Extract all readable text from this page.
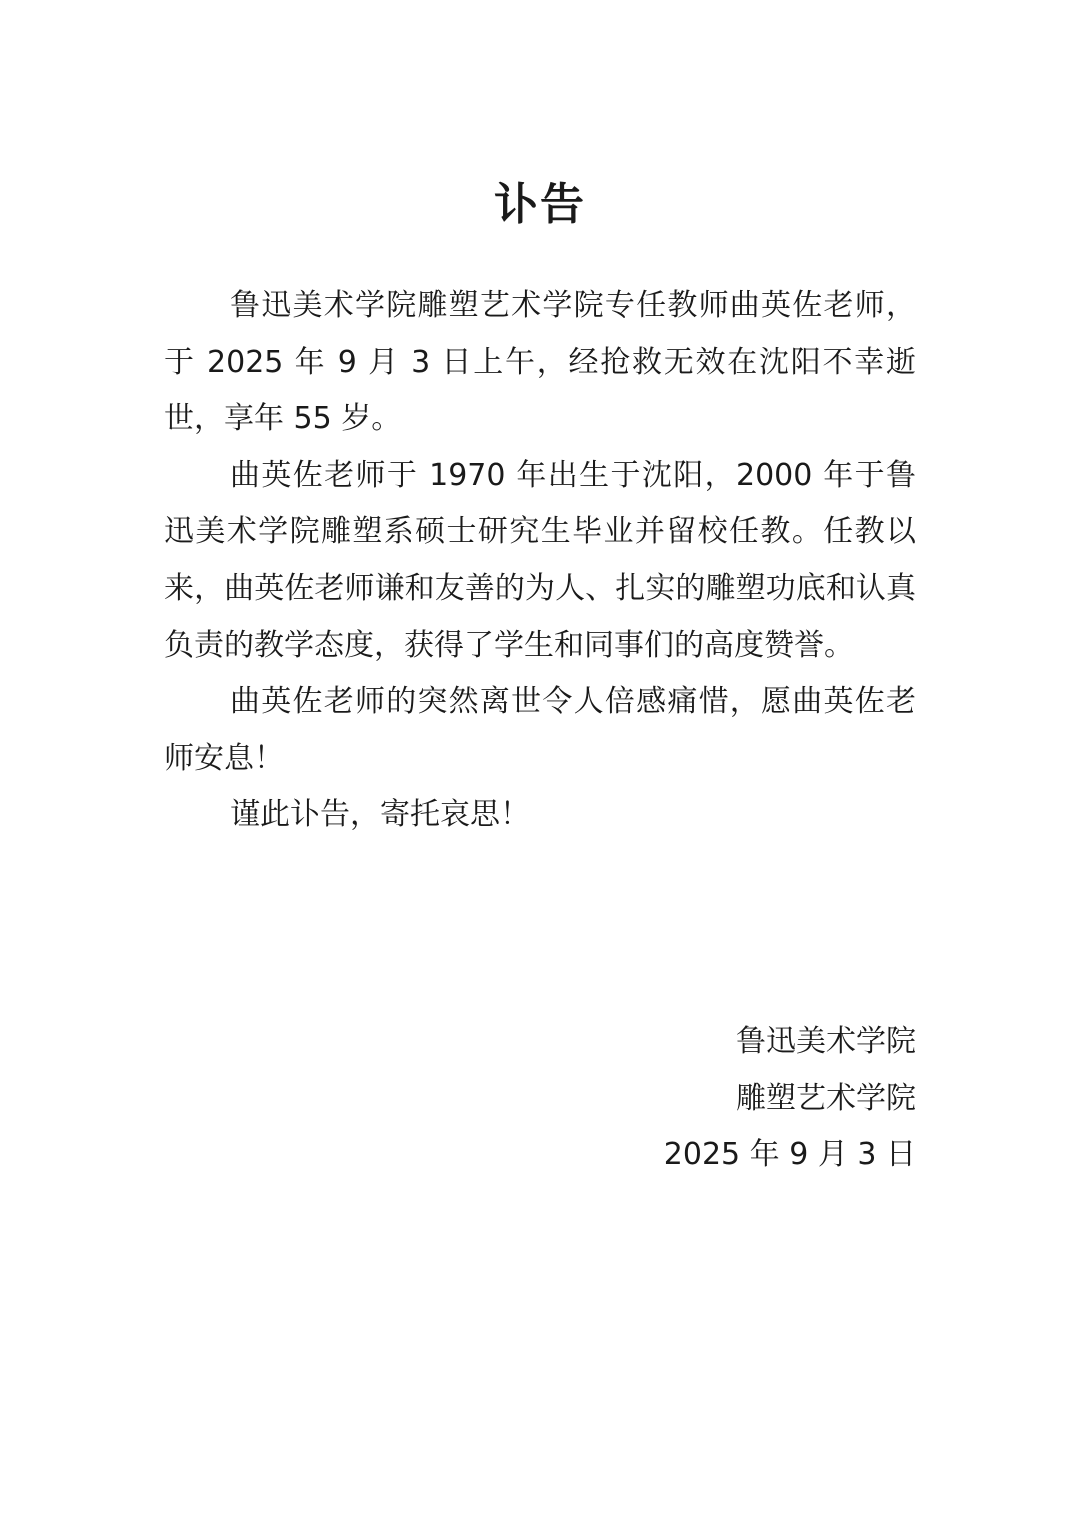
讣告

鲁迅美术学院雕塑艺术学院专任教师曲英佐老师，于 2025 年 9 月 3 日上午，经抢救无效在沈阳不幸逝世，享年 55 岁。

曲英佐老师于 1970 年出生于沈阳，2000 年于鲁迅美术学院雕塑系硕士研究生毕业并留校任教。任教以来，曲英佐老师谦和友善的为人、扎实的雕塑功底和认真负责的教学态度，获得了学生和同事们的高度赞誉。

曲英佐老师的突然离世令人倍感痛惜，愿曲英佐老师安息！

谨此讣告，寄托哀思！

鲁迅美术学院
雕塑艺术学院
2025 年 9 月 3 日
